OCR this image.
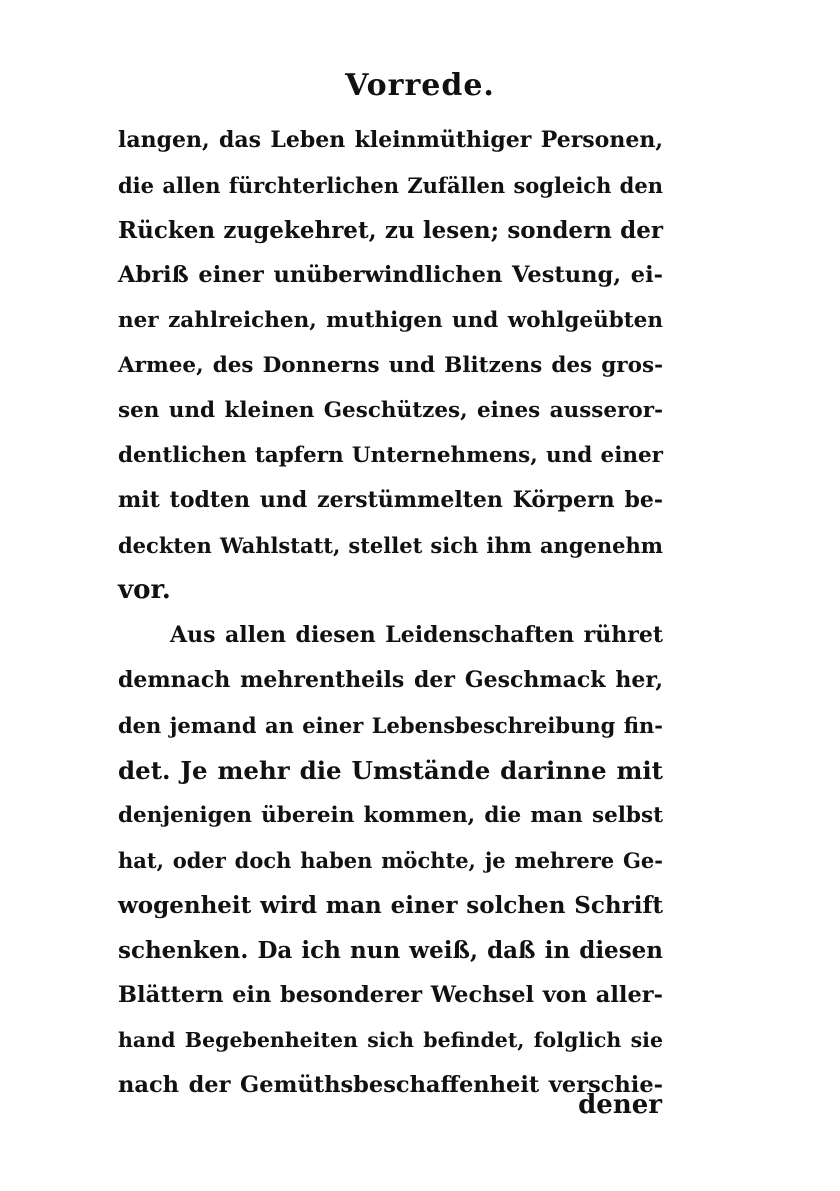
Vorrede.
langen, das Leben kleinmüthiger Personen,
die allen fürchterlichen Zufällen sogleich den
Rücken zugekehret, zu lesen; sondern der
Abriß einer unüberwindlichen Vestung, ei-
ner zahlreichen, muthigen und wohlgeübten
Armee, des Donnerns und Blitzens des gros-
sen und kleinen Geschützes, eines ausseror-
dentlichen tapfern Unternehmens, und einer
mit todten und zerstümmelten Körpern be-
deckten Wahlstatt, stellet sich ihm angenehm
vor.
Aus allen diesen Leidenschaften rühret
demnach mehrentheils der Geschmack her,
den jemand an einer Lebensbeschreibung fin-
det. Je mehr die Umstände darinne mit
denjenigen überein kommen, die man selbst
hat, oder doch haben möchte, je mehrere Ge-
wogenheit wird man einer solchen Schrift
schenken. Da ich nun weiß, daß in diesen
Blättern ein besonderer Wechsel von aller-
hand Begebenheiten sich befindet, folglich sie
nach der Gemüthsbeschaffenheit verschie-
dener
